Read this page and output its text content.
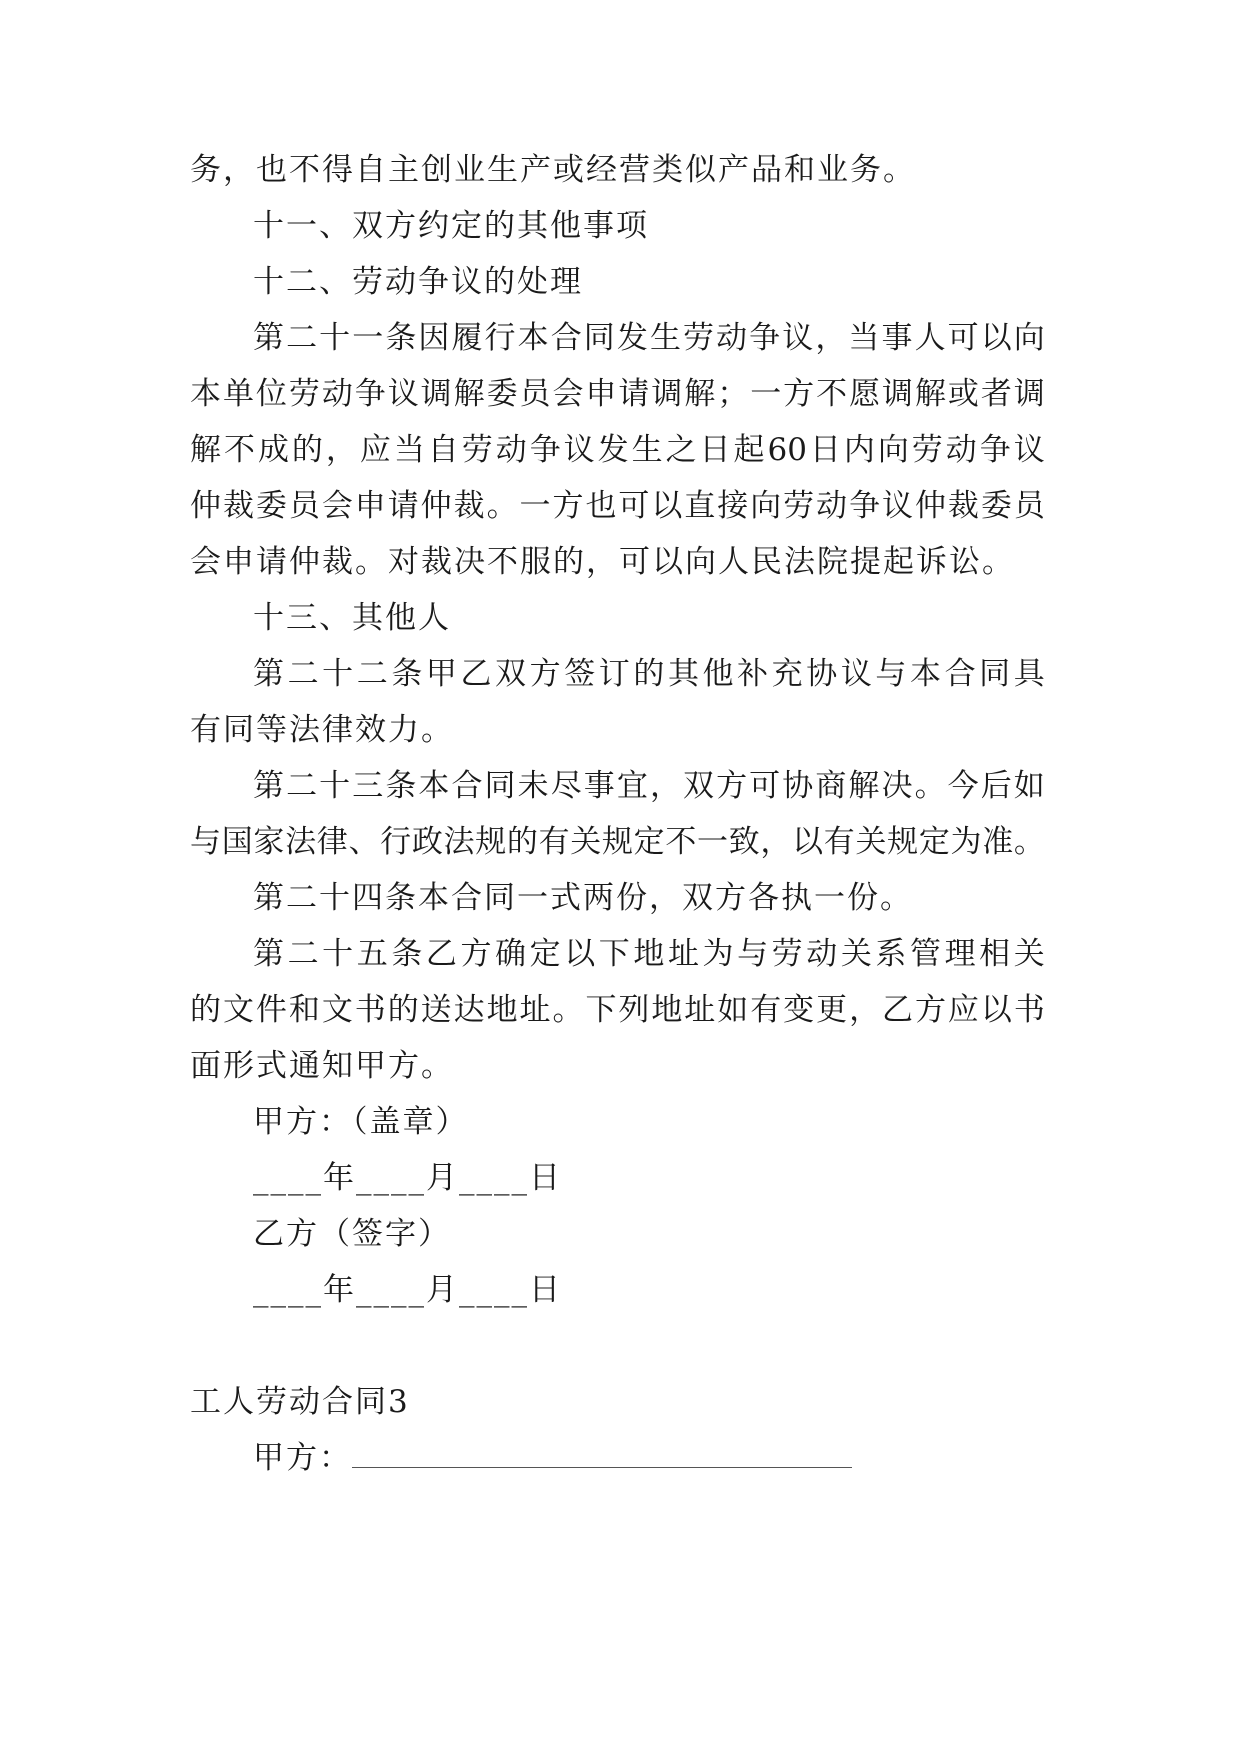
务，也不得自主创业生产或经营类似产品和业务。
十一、双方约定的其他事项
十二、劳动争议的处理
第 二 十 一 条 因 履 行 本 合 同 发 生 劳 动 争 议 ， 当 事 人 可 以 向
本 单 位 劳 动 争 议 调 解 委 员 会 申 请 调 解 ； 一 方 不 愿 调 解 或 者 调
解 不 成 的 ， 应 当 自 劳 动 争 议 发 生 之 日 起 60 日 内 向 劳 动 争 议
仲 裁 委 员 会 申 请 仲 裁 。 一 方 也 可 以 直 接 向 劳 动 争 议 仲 裁 委 员
会申请仲裁。对裁决不服的，可以向人民法院提起诉讼。
十三、其他人
第 二 十 二 条 甲 乙 双 方 签 订 的 其 他 补 充 协 议 与 本 合 同 具
有同等法律效力。
第 二 十 三 条 本 合 同 未 尽 事 宜 ， 双 方 可 协 商 解 决 。 今 后 如
与 国 家 法 律 、 行 政 法 规 的 有 关 规 定 不 一 致 ， 以 有 关 规 定 为 准 。
第二十四条本合同一式两份，双方各执一份。
第 二 十 五 条 乙 方 确 定 以 下 地 址 为 与 劳 动 关 系 管 理 相 关
的 文 件 和 文 书 的 送 达 地 址 。 下 列 地 址 如 有 变 更 ， 乙 方 应 以 书
面形式通知甲方。
甲方：（盖章）
____年____月____日
乙方（签字）
____年____月____日
工人劳动合同3
甲方：
